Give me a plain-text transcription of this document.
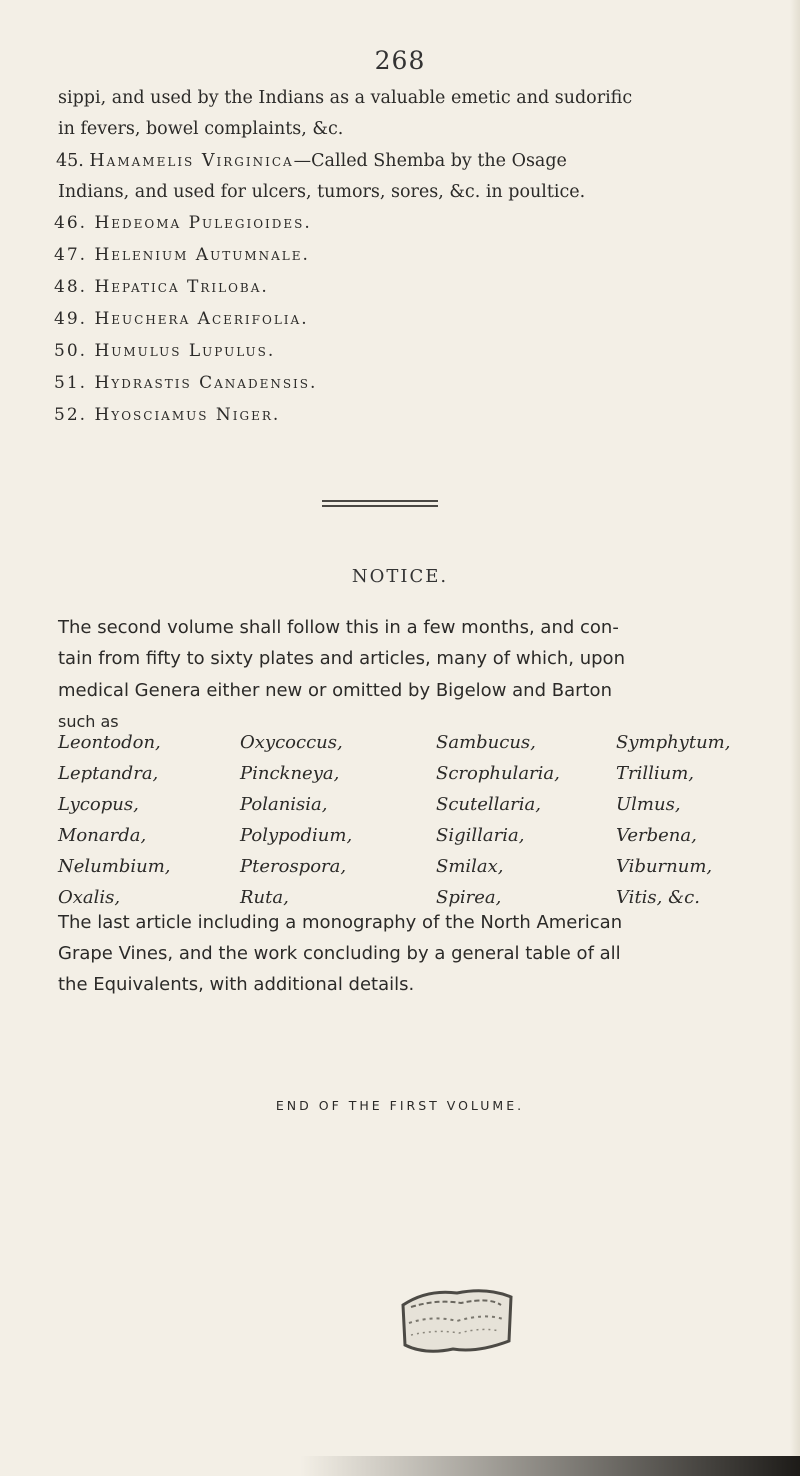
268
sippi, and used by the Indians as a valuable emetic and sudorific
in fevers, bowel complaints, &c.
45. Hamamelis Virginica—Called Shemba by the Osage
Indians, and used for ulcers, tumors, sores, &c. in poultice.
46. Hedeoma Pulegioides.
47. Helenium Autumnale.
48. Hepatica Triloba.
49. Heuchera Acerifolia.
50. Humulus Lupulus.
51. Hydrastis Canadensis.
52. Hyosciamus Niger.
NOTICE.
The second volume shall follow this in a few months, and con-
tain from fifty to sixty plates and articles, many of which, upon
medical Genera either new or omitted by Bigelow and Barton
such as
Leontodon,	Oxycoccus,	Sambucus,	Symphytum,
Leptandra,	Pinckneya,	Scrophularia,	Trillium,
Lycopus,	Polanisia,	Scutellaria,	Ulmus,
Monarda,	Polypodium,	Sigillaria,	Verbena,
Nelumbium,	Pterospora,	Smilax,	Viburnum,
Oxalis,	Ruta,	Spirea,	Vitis, &c.
The last article including a monography of the North American
Grape Vines, and the work concluding by a general table of all
the Equivalents, with additional details.
END OF THE FIRST VOLUME.
